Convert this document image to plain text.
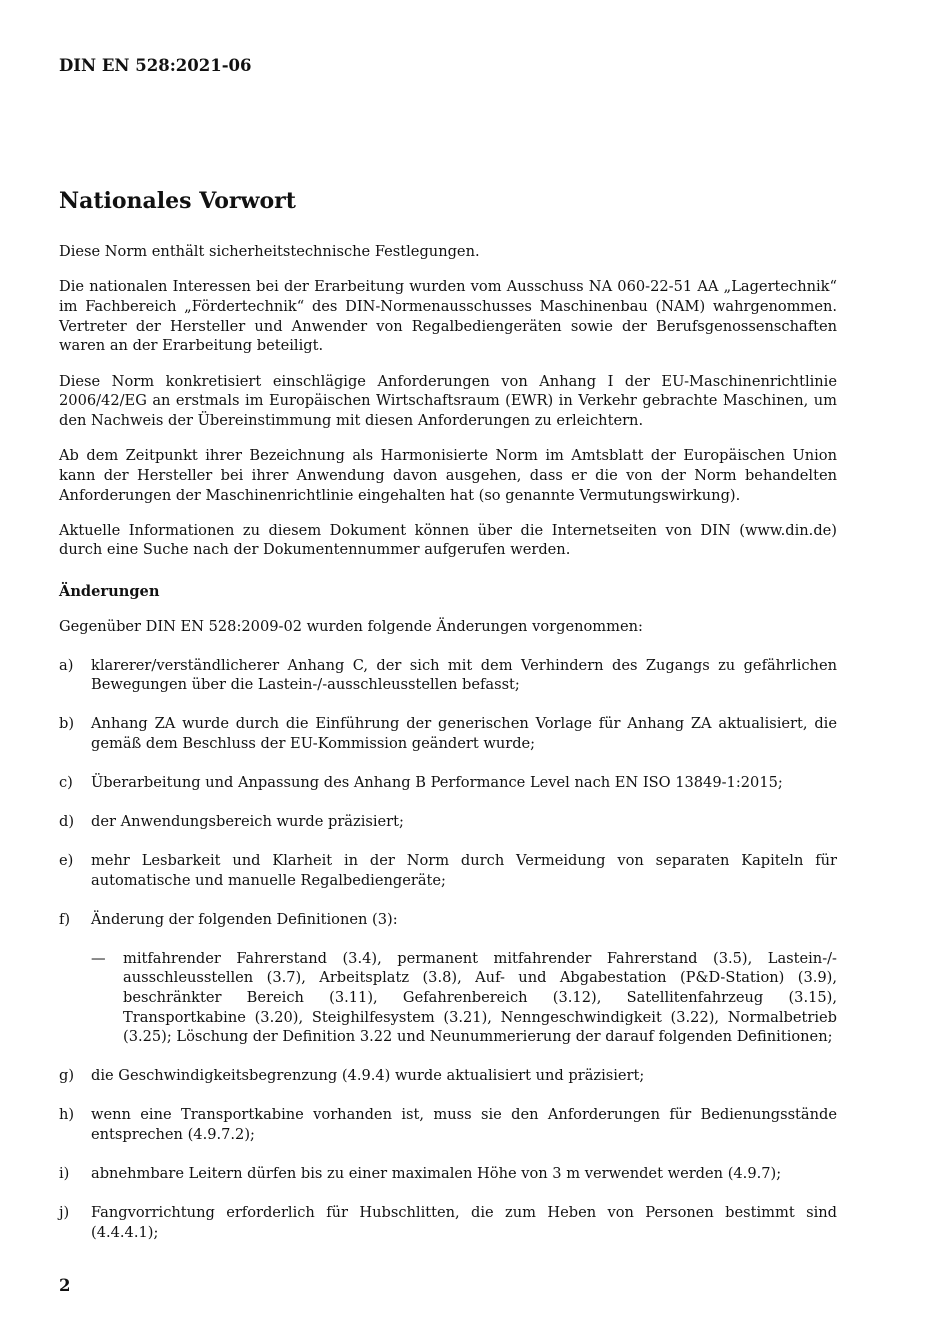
DIN EN 528:2021-06
Nationales Vorwort

Diese Norm enthält sicherheitstechnische Festlegungen.

Die nationalen Interessen bei der Erarbeitung wurden vom Ausschuss NA 060-22-51 AA „Lagertechnik“ im Fachbereich „Fördertechnik“ des DIN-Normenausschusses Maschinenbau (NAM) wahrgenommen. Vertreter der Hersteller und Anwender von Regalbediengeräten sowie der Berufsgenossenschaften waren an der Erarbeitung beteiligt.

Diese Norm konkretisiert einschlägige Anforderungen von Anhang I der EU-Maschinenrichtlinie 2006/42/EG an erstmals im Europäischen Wirtschaftsraum (EWR) in Verkehr gebrachte Maschinen, um den Nachweis der Übereinstimmung mit diesen Anforderungen zu erleichtern.

Ab dem Zeitpunkt ihrer Bezeichnung als Harmonisierte Norm im Amtsblatt der Europäischen Union kann der Hersteller bei ihrer Anwendung davon ausgehen, dass er die von der Norm behandelten Anforderungen der Maschinenrichtlinie eingehalten hat (so genannte Vermutungswirkung).

Aktuelle Informationen zu diesem Dokument können über die Internetseiten von DIN (www.din.de) durch eine Suche nach der Dokumentennummer aufgerufen werden.

Änderungen

Gegenüber DIN EN 528:2009-02 wurden folgende Änderungen vorgenommen:

a)	klarerer/verständlicherer Anhang C, der sich mit dem Verhindern des Zugangs zu gefährlichen Bewegungen über die Lastein-/-ausschleusstellen befasst;
b)	Anhang ZA wurde durch die Einführung der generischen Vorlage für Anhang ZA aktualisiert, die gemäß dem Beschluss der EU-Kommission geändert wurde;
c)	Überarbeitung und Anpassung des Anhang B Performance Level nach EN ISO 13849-1:2015;
d)	der Anwendungsbereich wurde präzisiert;
e)	mehr Lesbarkeit und Klarheit in der Norm durch Vermeidung von separaten Kapiteln für automatische und manuelle Regalbediengeräte;
f)	Änderung der folgenden Definitionen (3):
—	mitfahrender Fahrerstand (3.4), permanent mitfahrender Fahrerstand (3.5), Lastein-/-ausschleusstellen (3.7), Arbeitsplatz (3.8), Auf- und Abgabestation (P&D-Station) (3.9), beschränkter Bereich (3.11), Gefahrenbereich (3.12), Satellitenfahrzeug (3.15), Transportkabine (3.20), Steighilfesystem (3.21), Nenngeschwindigkeit (3.22), Normalbetrieb (3.25); Löschung der Definition 3.22 und Neunummerierung der darauf folgenden Definitionen;
g)	die Geschwindigkeitsbegrenzung (4.9.4) wurde aktualisiert und präzisiert;
h)	wenn eine Transportkabine vorhanden ist, muss sie den Anforderungen für Bedienungsstände entsprechen (4.9.7.2);
i)	abnehmbare Leitern dürfen bis zu einer maximalen Höhe von 3 m verwendet werden (4.9.7);
j)	Fangvorrichtung erforderlich für Hubschlitten, die zum Heben von Personen bestimmt sind (4.4.4.1);
2
